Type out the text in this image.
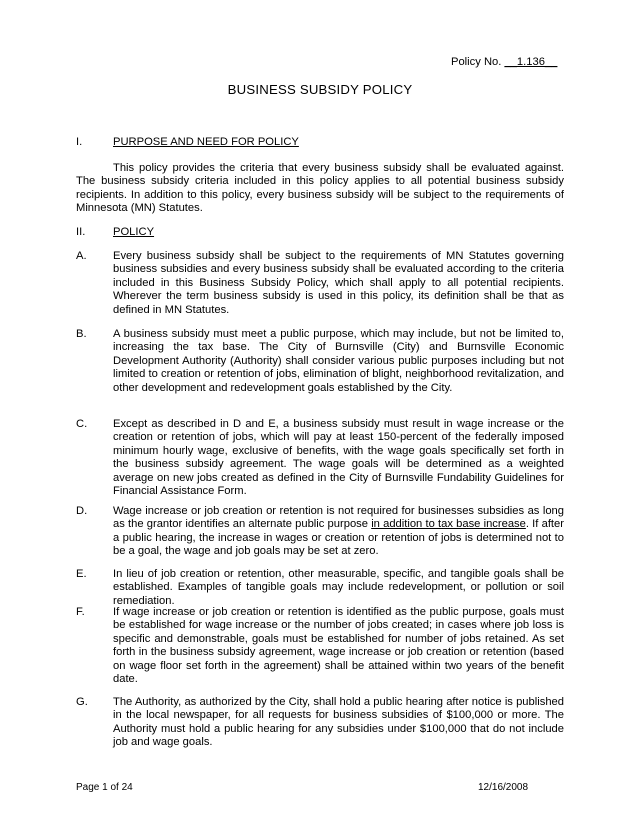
Policy No. __1.136__
BUSINESS SUBSIDY POLICY
I.	PURPOSE AND NEED FOR POLICY

This policy provides the criteria that every business subsidy shall be evaluated against. The business subsidy criteria included in this policy applies to all potential business subsidy recipients. In addition to this policy, every business subsidy will be subject to the requirements of Minnesota (MN) Statutes.

II. POLICY
A. Every business subsidy shall be subject to the requirements of MN Statutes governing business subsidies and every business subsidy shall be evaluated according to the criteria included in this Business Subsidy Policy, which shall apply to all potential recipients. Wherever the term business subsidy is used in this policy, its definition shall be that as defined in MN Statutes.

B. A business subsidy must meet a public purpose, which may include, but not be limited to, increasing the tax base. The City of Burnsville (City) and Burnsville Economic Development Authority (Authority) shall consider various public purposes including but not limited to creation or retention of jobs, elimination of blight, neighborhood revitalization, and other development and redevelopment goals established by the City.

C. Except as described in D and E, a business subsidy must result in wage increase or the creation or retention of jobs, which will pay at least 150-percent of the federally imposed minimum hourly wage, exclusive of benefits, with the wage goals specifically set forth in the business subsidy agreement. The wage goals will be determined as a weighted average on new jobs created as defined in the City of Burnsville Fundability Guidelines for Financial Assistance Form.

D. Wage increase or job creation or retention is not required for businesses subsidies as long as the grantor identifies an alternate public purpose in addition to tax base increase. If after a public hearing, the increase in wages or creation or retention of jobs is determined not to be a goal, the wage and job goals may be set at zero.

E. In lieu of job creation or retention, other measurable, specific, and tangible goals shall be established. Examples of tangible goals may include redevelopment, or pollution or soil remediation.

F.	If wage increase or job creation or retention is identified as the public purpose, goals must be established for wage increase or the number of jobs created; in cases where job loss is specific and demonstrable, goals must be established for number of jobs retained. As set forth in the business subsidy agreement, wage increase or job creation or retention (based on wage floor set forth in the agreement) shall be attained within two years of the benefit date.

G. The Authority, as authorized by the City, shall hold a public hearing after notice is published in the local newspaper, for all requests for business subsidies of $100,000 or more. The Authority must hold a public hearing for any subsidies under $100,000 that do not include job and wage goals.

Page 1 of 24	12/16/2008
